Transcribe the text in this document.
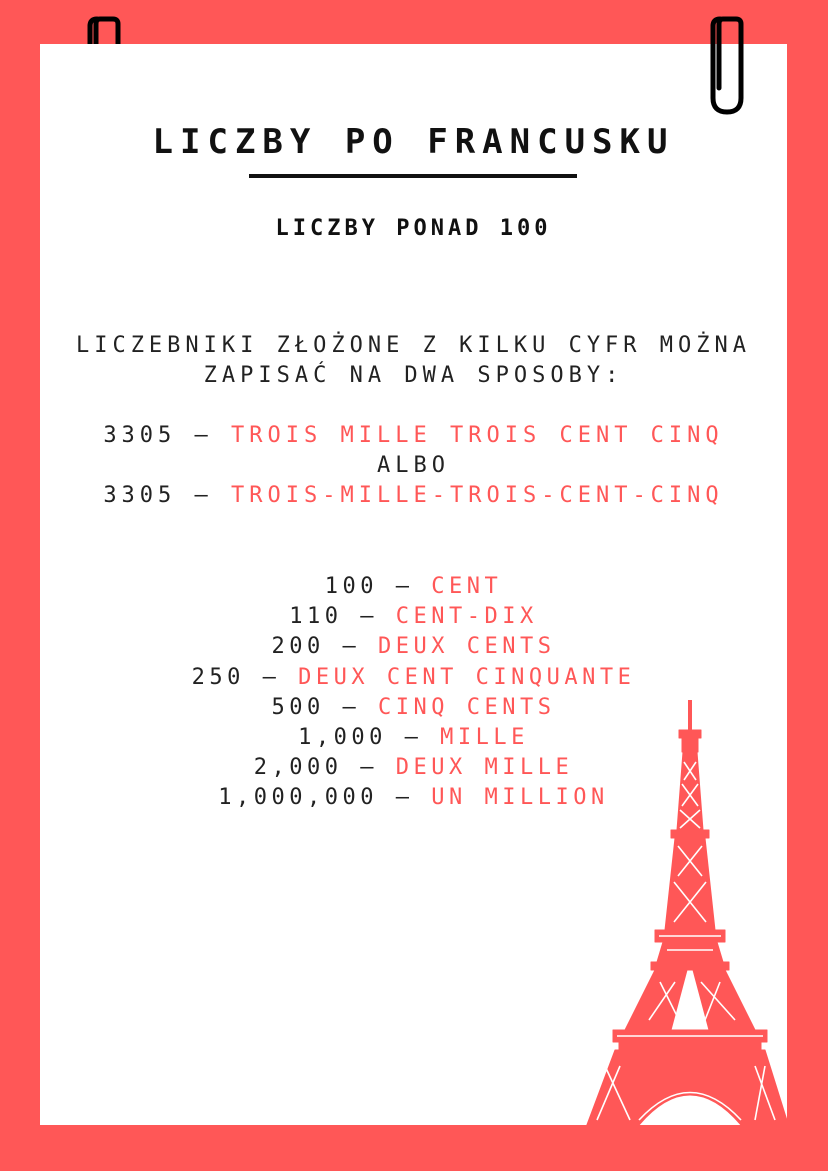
LICZBY PO FRANCUSKU
LICZBY PONAD 100
LICZEBNIKI ZŁOŻONE Z KILKU CYFR MOŻNA
ZAPISAĆ NA DWA SPOSOBY:
3305 – TROIS MILLE TROIS CENT CINQ
ALBO
3305 – TROIS-MILLE-TROIS-CENT-CINQ
100 – CENT
110 – CENT-DIX
200 – DEUX CENTS
250 – DEUX CENT CINQUANTE
500 – CINQ CENTS
1,000 – MILLE
2,000 – DEUX MILLE
1,000,000 – UN MILLION
